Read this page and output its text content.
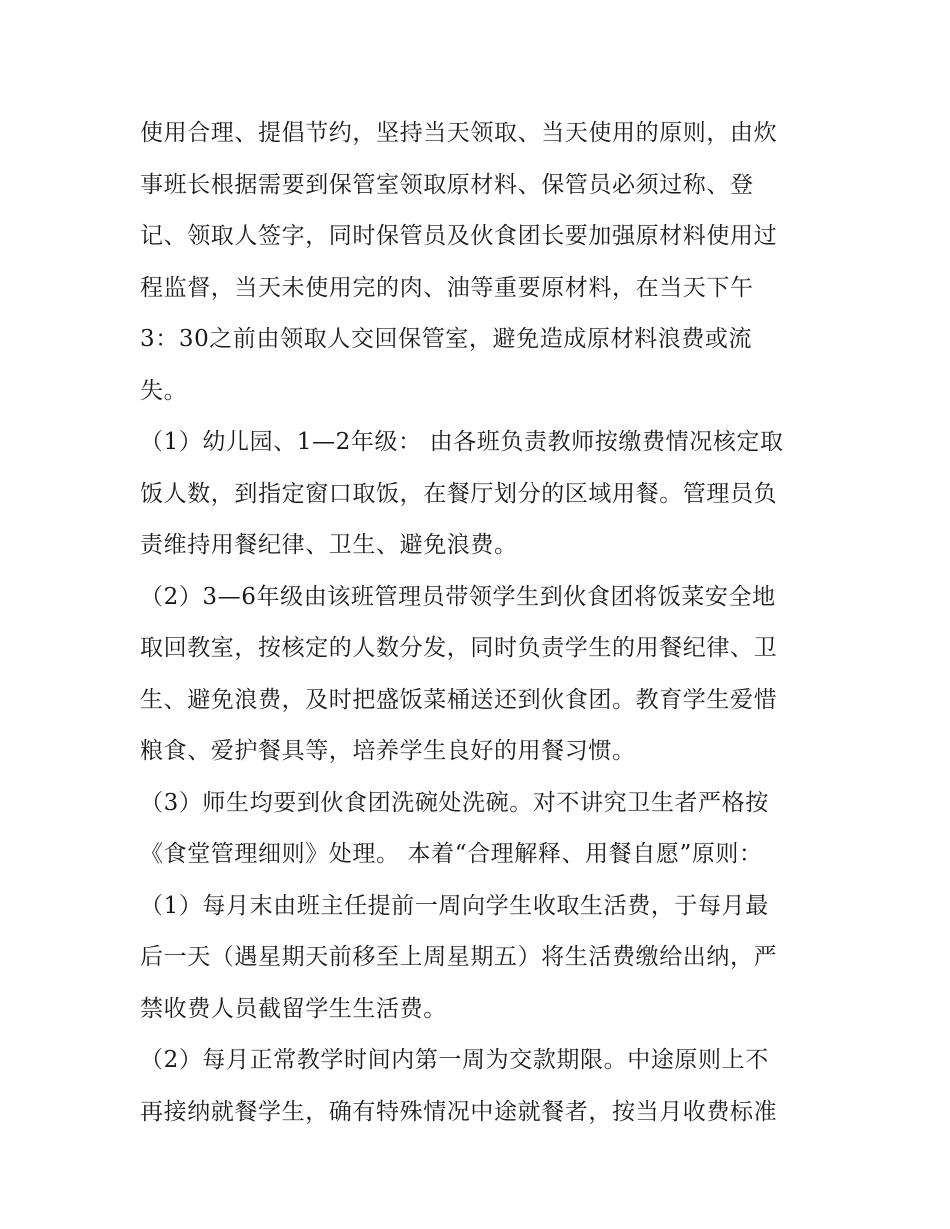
使用合理、提倡节约，坚持当天领取、当天使用的原则，由炊
事班长根据需要到保管室领取原材料、保管员必须过称、登
记、领取人签字，同时保管员及伙食团长要加强原材料使用过
程监督，当天未使用完的肉、油等重要原材料，在当天下午
3：30之前由领取人交回保管室，避免造成原材料浪费或流
失。
（1）幼儿园、1—2年级： 由各班负责教师按缴费情况核定取
饭人数，到指定窗口取饭，在餐厅划分的区域用餐。管理员负
责维持用餐纪律、卫生、避免浪费。
（2）3—6年级由该班管理员带领学生到伙食团将饭菜安全地
取回教室，按核定的人数分发，同时负责学生的用餐纪律、卫
生、避免浪费，及时把盛饭菜桶送还到伙食团。教育学生爱惜
粮食、爱护餐具等，培养学生良好的用餐习惯。
（3）师生均要到伙食团洗碗处洗碗。对不讲究卫生者严格按
《食堂管理细则》处理。 本着“合理解释、用餐自愿”原则：
（1）每月末由班主任提前一周向学生收取生活费，于每月最
后一天（遇星期天前移至上周星期五）将生活费缴给出纳，严
禁收费人员截留学生生活费。
（2）每月正常教学时间内第一周为交款期限。中途原则上不
再接纳就餐学生，确有特殊情况中途就餐者，按当月收费标准
